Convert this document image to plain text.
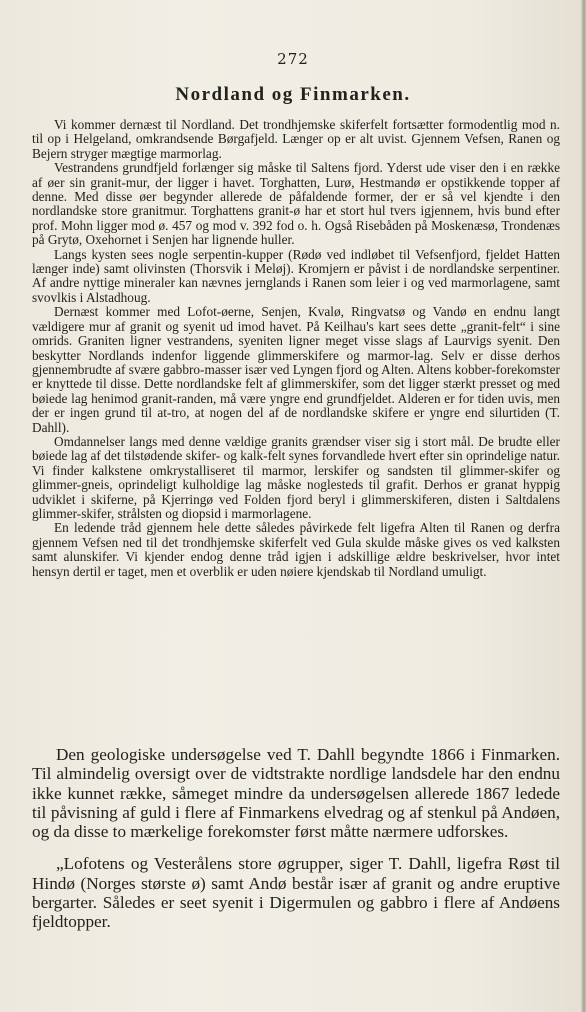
272
Nordland og Finmarken.

Vi kommer dernæst til Nordland. Det trondhjemske skiferfelt fortsætter formodentlig mod n. til op i Helgeland, omkrandsende Børgafjeld. Længer op er alt uvist. Gjennem Vefsen, Ranen og Bejern stryger mægtige marmorlag.

Vestrandens grundfjeld forlænger sig måske til Saltens fjord. Yderst ude viser den i en række af øer sin granit-mur, der ligger i havet. Torghatten, Lurø, Hestmandø er opstikkende topper af denne. Med disse øer begynder allerede de påfaldende former, der er så vel kjendte i den nordlandske store granitmur. Torghattens granit-ø har et stort hul tvers igjennem, hvis bund efter prof. Mohn ligger mod ø. 457 og mod v. 392 fod o. h. Også Risebåden på Moskenæsø, Trondenæs på Grytø, Oxehornet i Senjen har lignende huller.

Langs kysten sees nogle serpentin-kupper (Rødø ved indløbet til Vefsenfjord, fjeldet Hatten længer inde) samt olivinsten (Thorsvik i Meløj). Kromjern er påvist i de nordlandske serpentiner. Af andre nyttige mineraler kan nævnes jernglands i Ranen som leier i og ved marmorlagene, samt svovlkis i Alstadhoug.

Dernæst kommer med Lofot-øerne, Senjen, Kvalø, Ringvatsø og Vandø en endnu langt vældigere mur af granit og syenit ud imod havet. På Keilhau's kart sees dette „granit-felt“ i sine omrids. Graniten ligner vestrandens, syeniten ligner meget visse slags af Laurvigs syenit. Den beskytter Nordlands indenfor liggende glimmerskifere og marmor-lag. Selv er disse derhos gjennembrudte af svære gabbro-masser især ved Lyngen fjord og Alten. Altens kobber-forekomster er knyttede til disse. Dette nordlandske felt af glimmerskifer, som det ligger stærkt presset og med bøiede lag henimod granit-randen, må være yngre end grundfjeldet. Alderen er for tiden uvis, men der er ingen grund til at-tro, at nogen del af de nordlandske skifere er yngre end silurtiden (T. Dahll).

Omdannelser langs med denne vældige granits grændser viser sig i stort mål. De brudte eller bøiede lag af det tilstødende skifer- og kalk-felt synes forvandlede hvert efter sin oprindelige natur. Vi finder kalkstene omkrystalliseret til marmor, lerskifer og sandsten til glimmer-skifer og glimmer-gneis, oprindeligt kulholdige lag måske noglesteds til grafit. Derhos er granat hyppig udviklet i skiferne, på Kjerringø ved Folden fjord beryl i glimmerskiferen, disten i Saltdalens glimmer-skifer, strålsten og diopsid i marmorlagene.

En ledende tråd gjennem hele dette således påvirkede felt ligefra Alten til Ranen og derfra gjennem Vefsen ned til det trondhjemske skiferfelt ved Gula skulde måske gives os ved kalksten samt alunskifer. Vi kjender endog denne tråd igjen i adskillige ældre beskrivelser, hvor intet hensyn dertil er taget, men et overblik er uden nøiere kjendskab til Nordland umuligt.

Den geologiske undersøgelse ved T. Dahll begyndte 1866 i Finmarken. Til almindelig oversigt over de vidtstrakte nordlige landsdele har den endnu ikke kunnet række, såmeget mindre da undersøgelsen allerede 1867 ledede til påvisning af guld i flere af Finmarkens elvedrag og af stenkul på Andøen, og da disse to mærkelige forekomster først måtte nærmere udforskes.

„Lofotens og Vesterålens store øgrupper, siger T. Dahll, ligefra Røst til Hindø (Norges største ø) samt Andø består især af granit og andre eruptive bergarter. Således er seet syenit i Digermulen og gabbro i flere af Andøens fjeldtopper.
